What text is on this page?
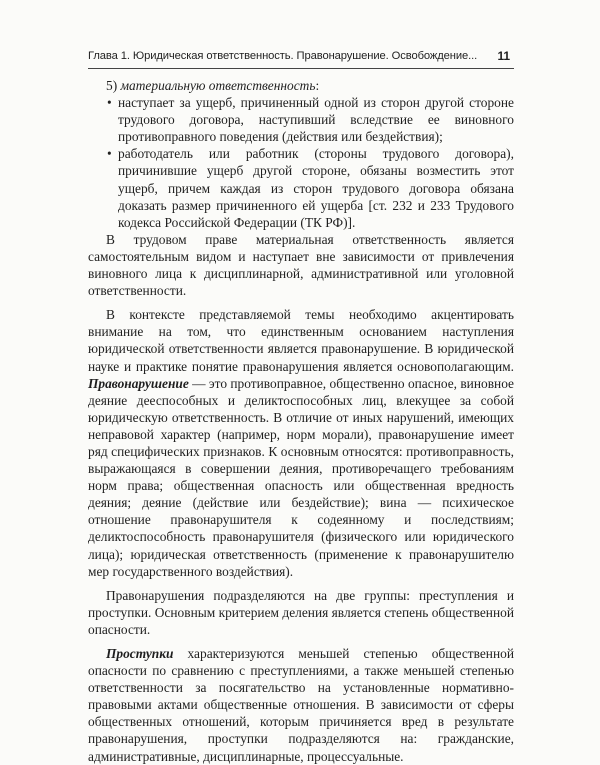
Глава 1. Юридическая ответственность. Правонарушение. Освобождение... 11

5) материальную ответственность:

• наступает за ущерб, причиненный одной из сторон другой стороне трудового договора, наступивший вследствие ее виновного противоправного поведения (действия или бездействия);
• работодатель или работник (стороны трудового договора), причинившие ущерб другой стороне, обязаны возместить этот ущерб, причем каждая из сторон трудового договора обязана доказать размер причиненного ей ущерба [ст. 232 и 233 Трудового кодекса Российской Федерации (ТК РФ)].

В трудовом праве материальная ответственность является самостоятельным видом и наступает вне зависимости от привлечения виновного лица к дисциплинарной, административной или уголовной ответственности.

В контексте представляемой темы необходимо акцентировать внимание на том, что единственным основанием наступления юридической ответственности является правонарушение. В юридической науке и практике понятие правонарушения является основополагающим. Правонарушение — это противоправное, общественно опасное, виновное деяние дееспособных и деликтоспособных лиц, влекущее за собой юридическую ответственность. В отличие от иных нарушений, имеющих неправовой характер (например, норм морали), правонарушение имеет ряд специфических признаков. К основным относятся: противоправность, выражающаяся в совершении деяния, противоречащего требованиям норм права; общественная опасность или общественная вредность деяния; деяние (действие или бездействие); вина — психическое отношение правонарушителя к содеянному и последствиям; деликтоспособность правонарушителя (физического или юридического лица); юридическая ответственность (применение к правонарушителю мер государственного воздействия).

Правонарушения подразделяются на две группы: преступления и проступки. Основным критерием деления является степень общественной опасности.

Проступки характеризуются меньшей степенью общественной опасности по сравнению с преступлениями, а также меньшей степенью ответственности за посягательство на установленные нормативно-правовыми актами общественные отношения. В зависимости от сферы общественных отношений, которым причиняется вред в результате правонарушения, проступки подразделяются на: гражданские, административные, дисциплинарные, процессуальные.
